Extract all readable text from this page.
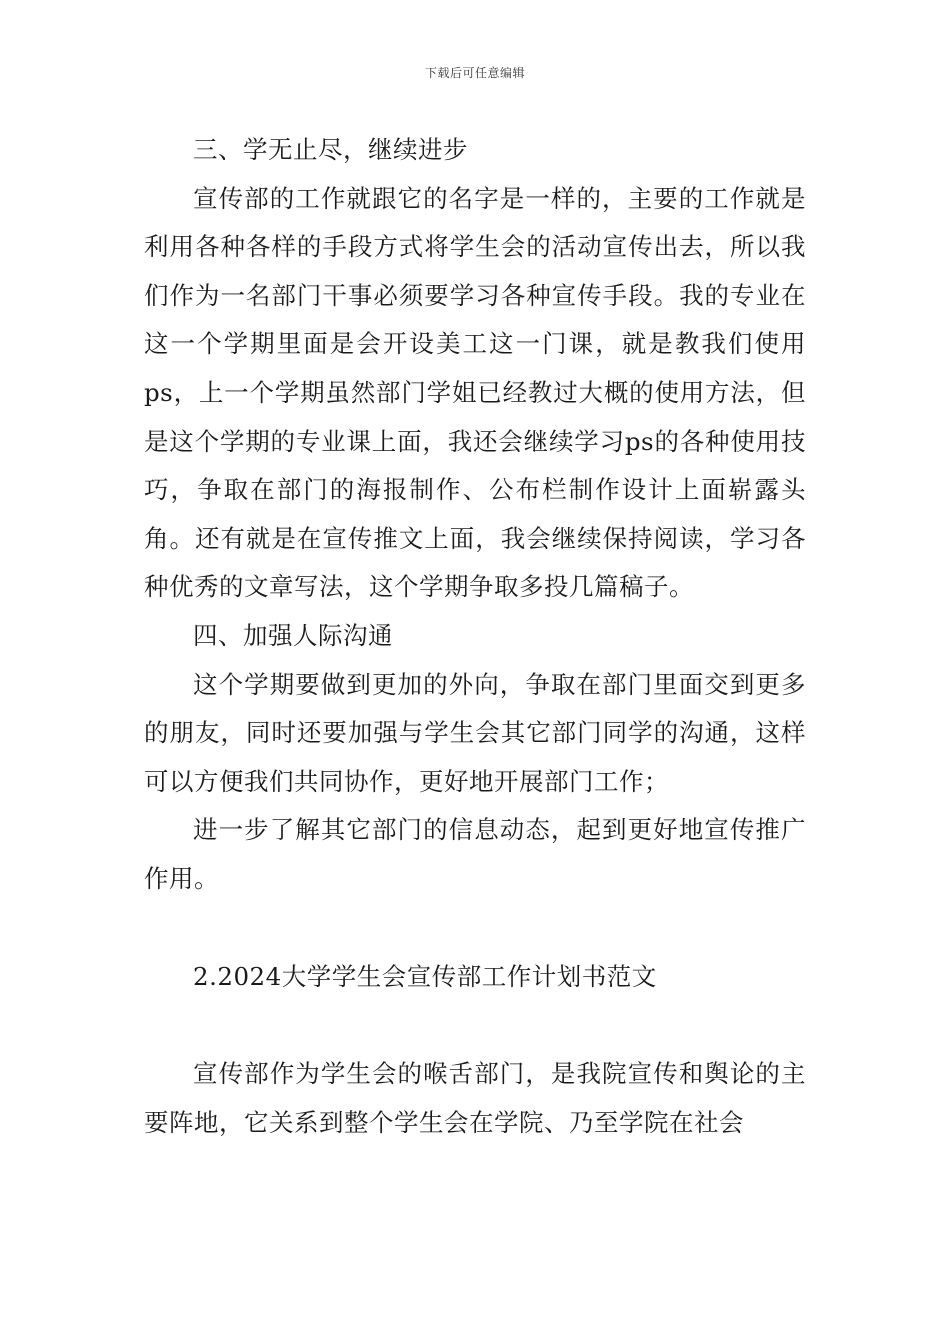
下载后可任意编辑

三、学无止尽，继续进步

宣传部的工作就跟它的名字是一样的，主要的工作就是利用各种各样的手段方式将学生会的活动宣传出去，所以我们作为一名部门干事必须要学习各种宣传手段。我的专业在这一个学期里面是会开设美工这一门课，就是教我们使用ps，上一个学期虽然部门学姐已经教过大概的使用方法，但是这个学期的专业课上面，我还会继续学习ps的各种使用技巧，争取在部门的海报制作、公布栏制作设计上面崭露头角。还有就是在宣传推文上面，我会继续保持阅读，学习各种优秀的文章写法，这个学期争取多投几篇稿子。

四、加强人际沟通

这个学期要做到更加的外向，争取在部门里面交到更多的朋友，同时还要加强与学生会其它部门同学的沟通，这样可以方便我们共同协作，更好地开展部门工作；

进一步了解其它部门的信息动态，起到更好地宣传推广作用。

2.2024大学学生会宣传部工作计划书范文

宣传部作为学生会的喉舌部门，是我院宣传和舆论的主要阵地，它关系到整个学生会在学院、乃至学院在社会
